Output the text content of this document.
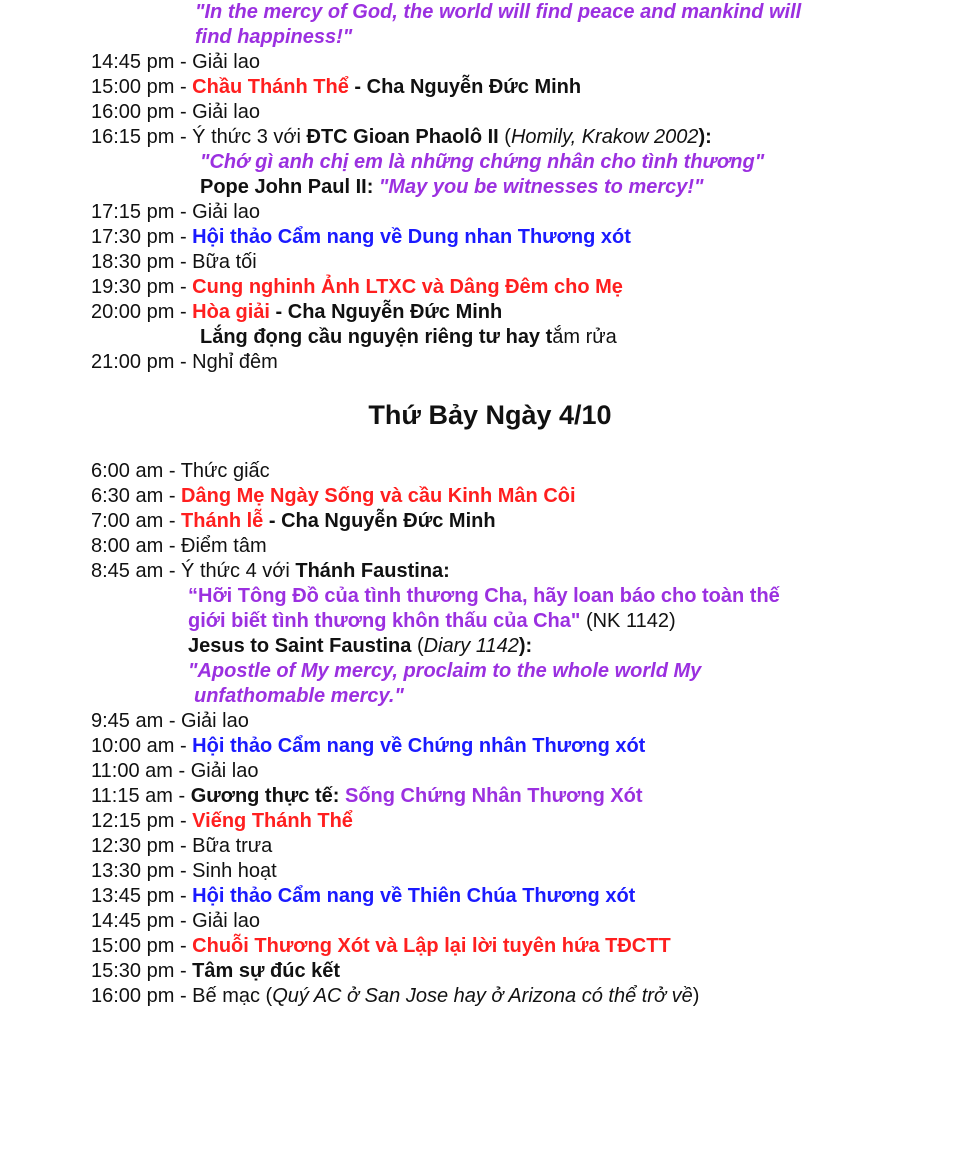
"In the mercy of God, the world will find peace and mankind will
find happiness!"
14:45 pm - Giải lao
15:00 pm - Chầu Thánh Thể - Cha Nguyễn Đức Minh
16:00 pm - Giải lao
16:15 pm - Ý thức 3 với ĐTC Gioan Phaolô II (Homily, Krakow 2002):
"Chớ gì anh chị em là những chứng nhân cho tình thương"
Pope John Paul II: "May you be witnesses to mercy!"
17:15 pm - Giải lao
17:30 pm - Hội thảo Cẩm nang về Dung nhan Thương xót
18:30 pm - Bữa tối
19:30 pm - Cung nghinh Ảnh LTXC và Dâng Đêm cho Mẹ
20:00 pm - Hòa giải - Cha Nguyễn Đức Minh
Lắng đọng cầu nguyện riêng tư hay tắm rửa
21:00 pm - Nghỉ đêm
Thứ Bảy Ngày 4/10
6:00 am - Thức giấc
6:30 am - Dâng Mẹ Ngày Sống và cầu Kinh Mân Côi
7:00 am - Thánh lễ - Cha Nguyễn Đức Minh
8:00 am - Điểm tâm
8:45 am - Ý thức 4 với Thánh Faustina:
“Hỡi Tông Đồ của tình thương Cha, hãy loan báo cho toàn thế
giới biết tình thương khôn thấu của Cha" (NK 1142)
Jesus to Saint Faustina (Diary 1142):
"Apostle of My mercy, proclaim to the whole world My
unfathomable mercy."
9:45 am - Giải lao
10:00 am - Hội thảo Cẩm nang về Chứng nhân Thương xót
11:00 am - Giải lao
11:15 am - Gương thực tế: Sống Chứng Nhân Thương Xót
12:15 pm - Viếng Thánh Thể
12:30 pm - Bữa trưa
13:30 pm - Sinh hoạt
13:45 pm - Hội thảo Cẩm nang về Thiên Chúa Thương xót
14:45 pm - Giải lao
15:00 pm - Chuỗi Thương Xót và Lập lại lời tuyên hứa TĐCTT
15:30 pm - Tâm sự đúc kết
16:00 pm - Bế mạc (Quý AC ở San Jose hay ở Arizona có thể trở về)
